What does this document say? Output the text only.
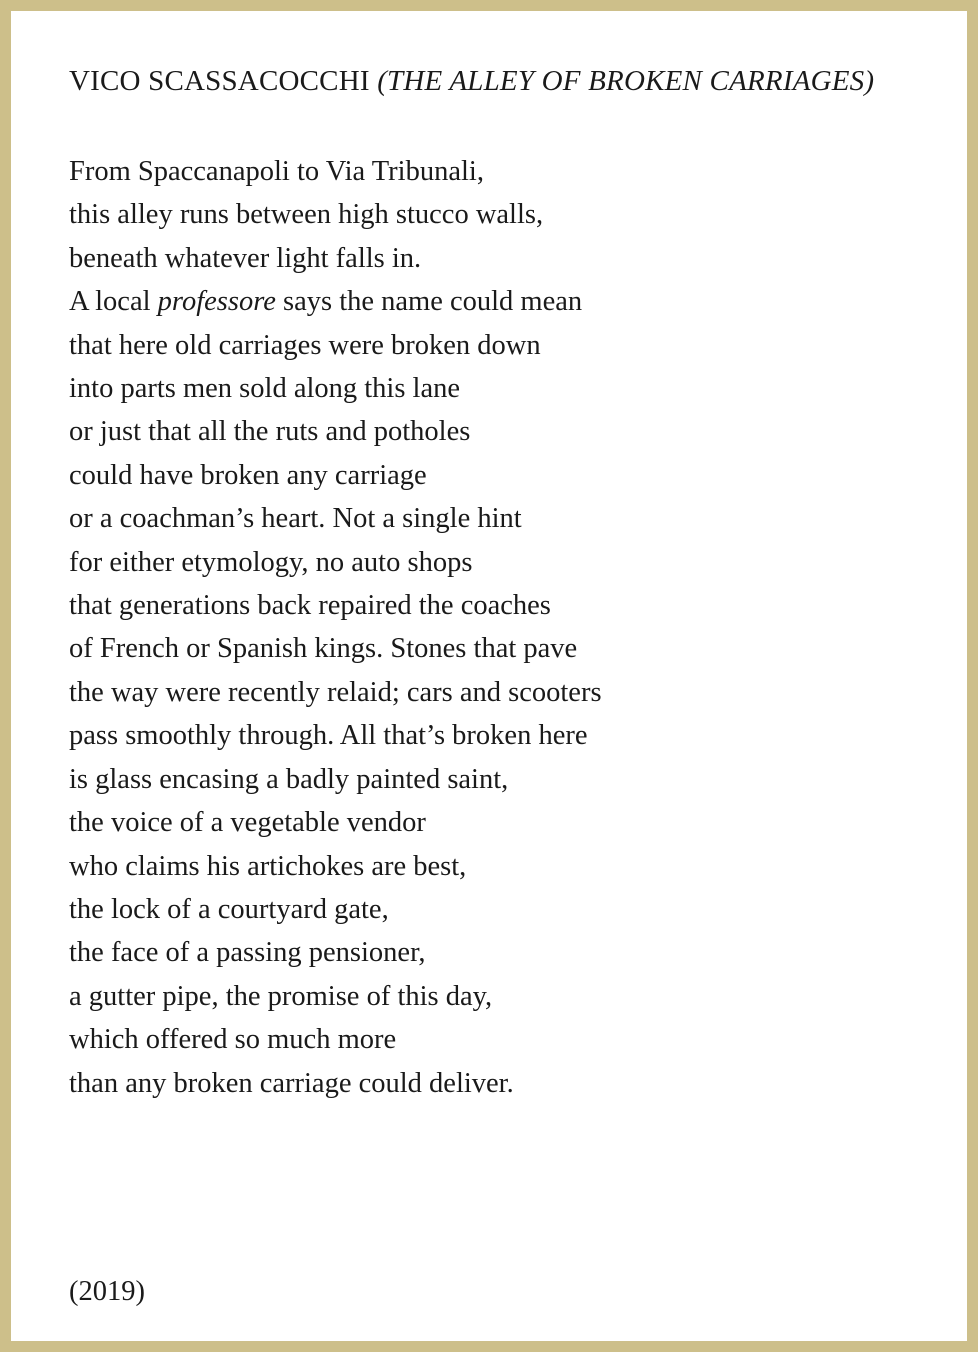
VICO SCASSACOCCHI (THE ALLEY OF BROKEN CARRIAGES)
From Spaccanapoli to Via Tribunali,
this alley runs between high stucco walls,
beneath whatever light falls in.
A local professore says the name could mean
that here old carriages were broken down
into parts men sold along this lane
or just that all the ruts and potholes
could have broken any carriage
or a coachman’s heart. Not a single hint
for either etymology, no auto shops
that generations back repaired the coaches
of French or Spanish kings. Stones that pave
the way were recently relaid; cars and scooters
pass smoothly through. All that’s broken here
is glass encasing a badly painted saint,
the voice of a vegetable vendor
who claims his artichokes are best,
the lock of a courtyard gate,
the face of a passing pensioner,
a gutter pipe, the promise of this day,
which offered so much more
than any broken carriage could deliver.

(2019)
